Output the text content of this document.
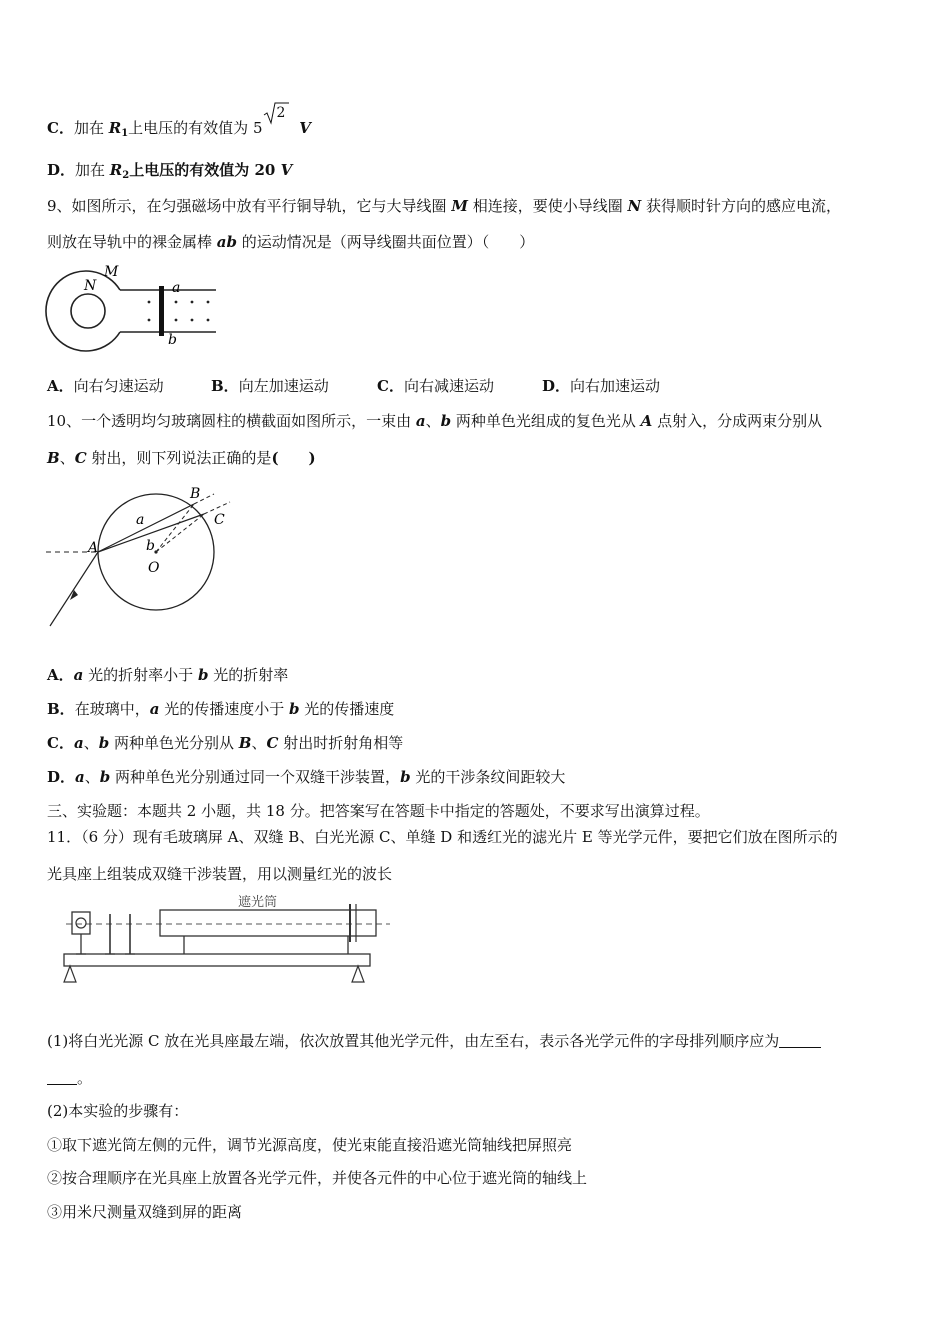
C．加在 $R_1$上电压的有效值为 5
2
V
D．加在 $R_2$上电压的有效值为 20 V
9、如图所示，在匀强磁场中放有平行铜导轨，它与大导线圈 M 相连接，要使小导线圈 N 获得顺时针方向的感应电流，
则放在导轨中的裸金属棒 ab 的运动情况是（两导线圈共面位置）（　　）
M
N	a
b
A．向右匀速运动	B．向左加速运动	C．向右减速运动	D．向右加速运动
10、一个透明均匀玻璃圆柱的横截面如图所示，一束由 a、b 两种单色光组成的复色光从 A 点射入，分成两束分别从
B、C 射出，则下列说法正确的是(　　)
A
B
C
O
a
b
A．a 光的折射率小于 b 光的折射率
B．在玻璃中，a 光的传播速度小于 b 光的传播速度
C．a、b 两种单色光分别从 B、C 射出时折射角相等
D．a、b 两种单色光分别通过同一个双缝干涉装置，b 光的干涉条纹间距较大
三、实验题：本题共 2 小题，共 18 分。把答案写在答题卡中指定的答题处，不要求写出演算过程。
11．（6 分）现有毛玻璃屏 A、双缝 B、白光光源 C、单缝 D 和透红光的滤光片 E 等光学元件，要把它们放在图所示的
光具座上组装成双缝干涉装置，用以测量红光的波长
遮光筒
(1)将白光光源 C 放在光具座最左端，依次放置其他光学元件，由左至右，表示各光学元件的字母排列顺序应为
。
(2)本实验的步骤有：
①取下遮光筒左侧的元件，调节光源高度，使光束能直接沿遮光筒轴线把屏照亮
②按合理顺序在光具座上放置各光学元件，并使各元件的中心位于遮光筒的轴线上
③用米尺测量双缝到屏的距离
